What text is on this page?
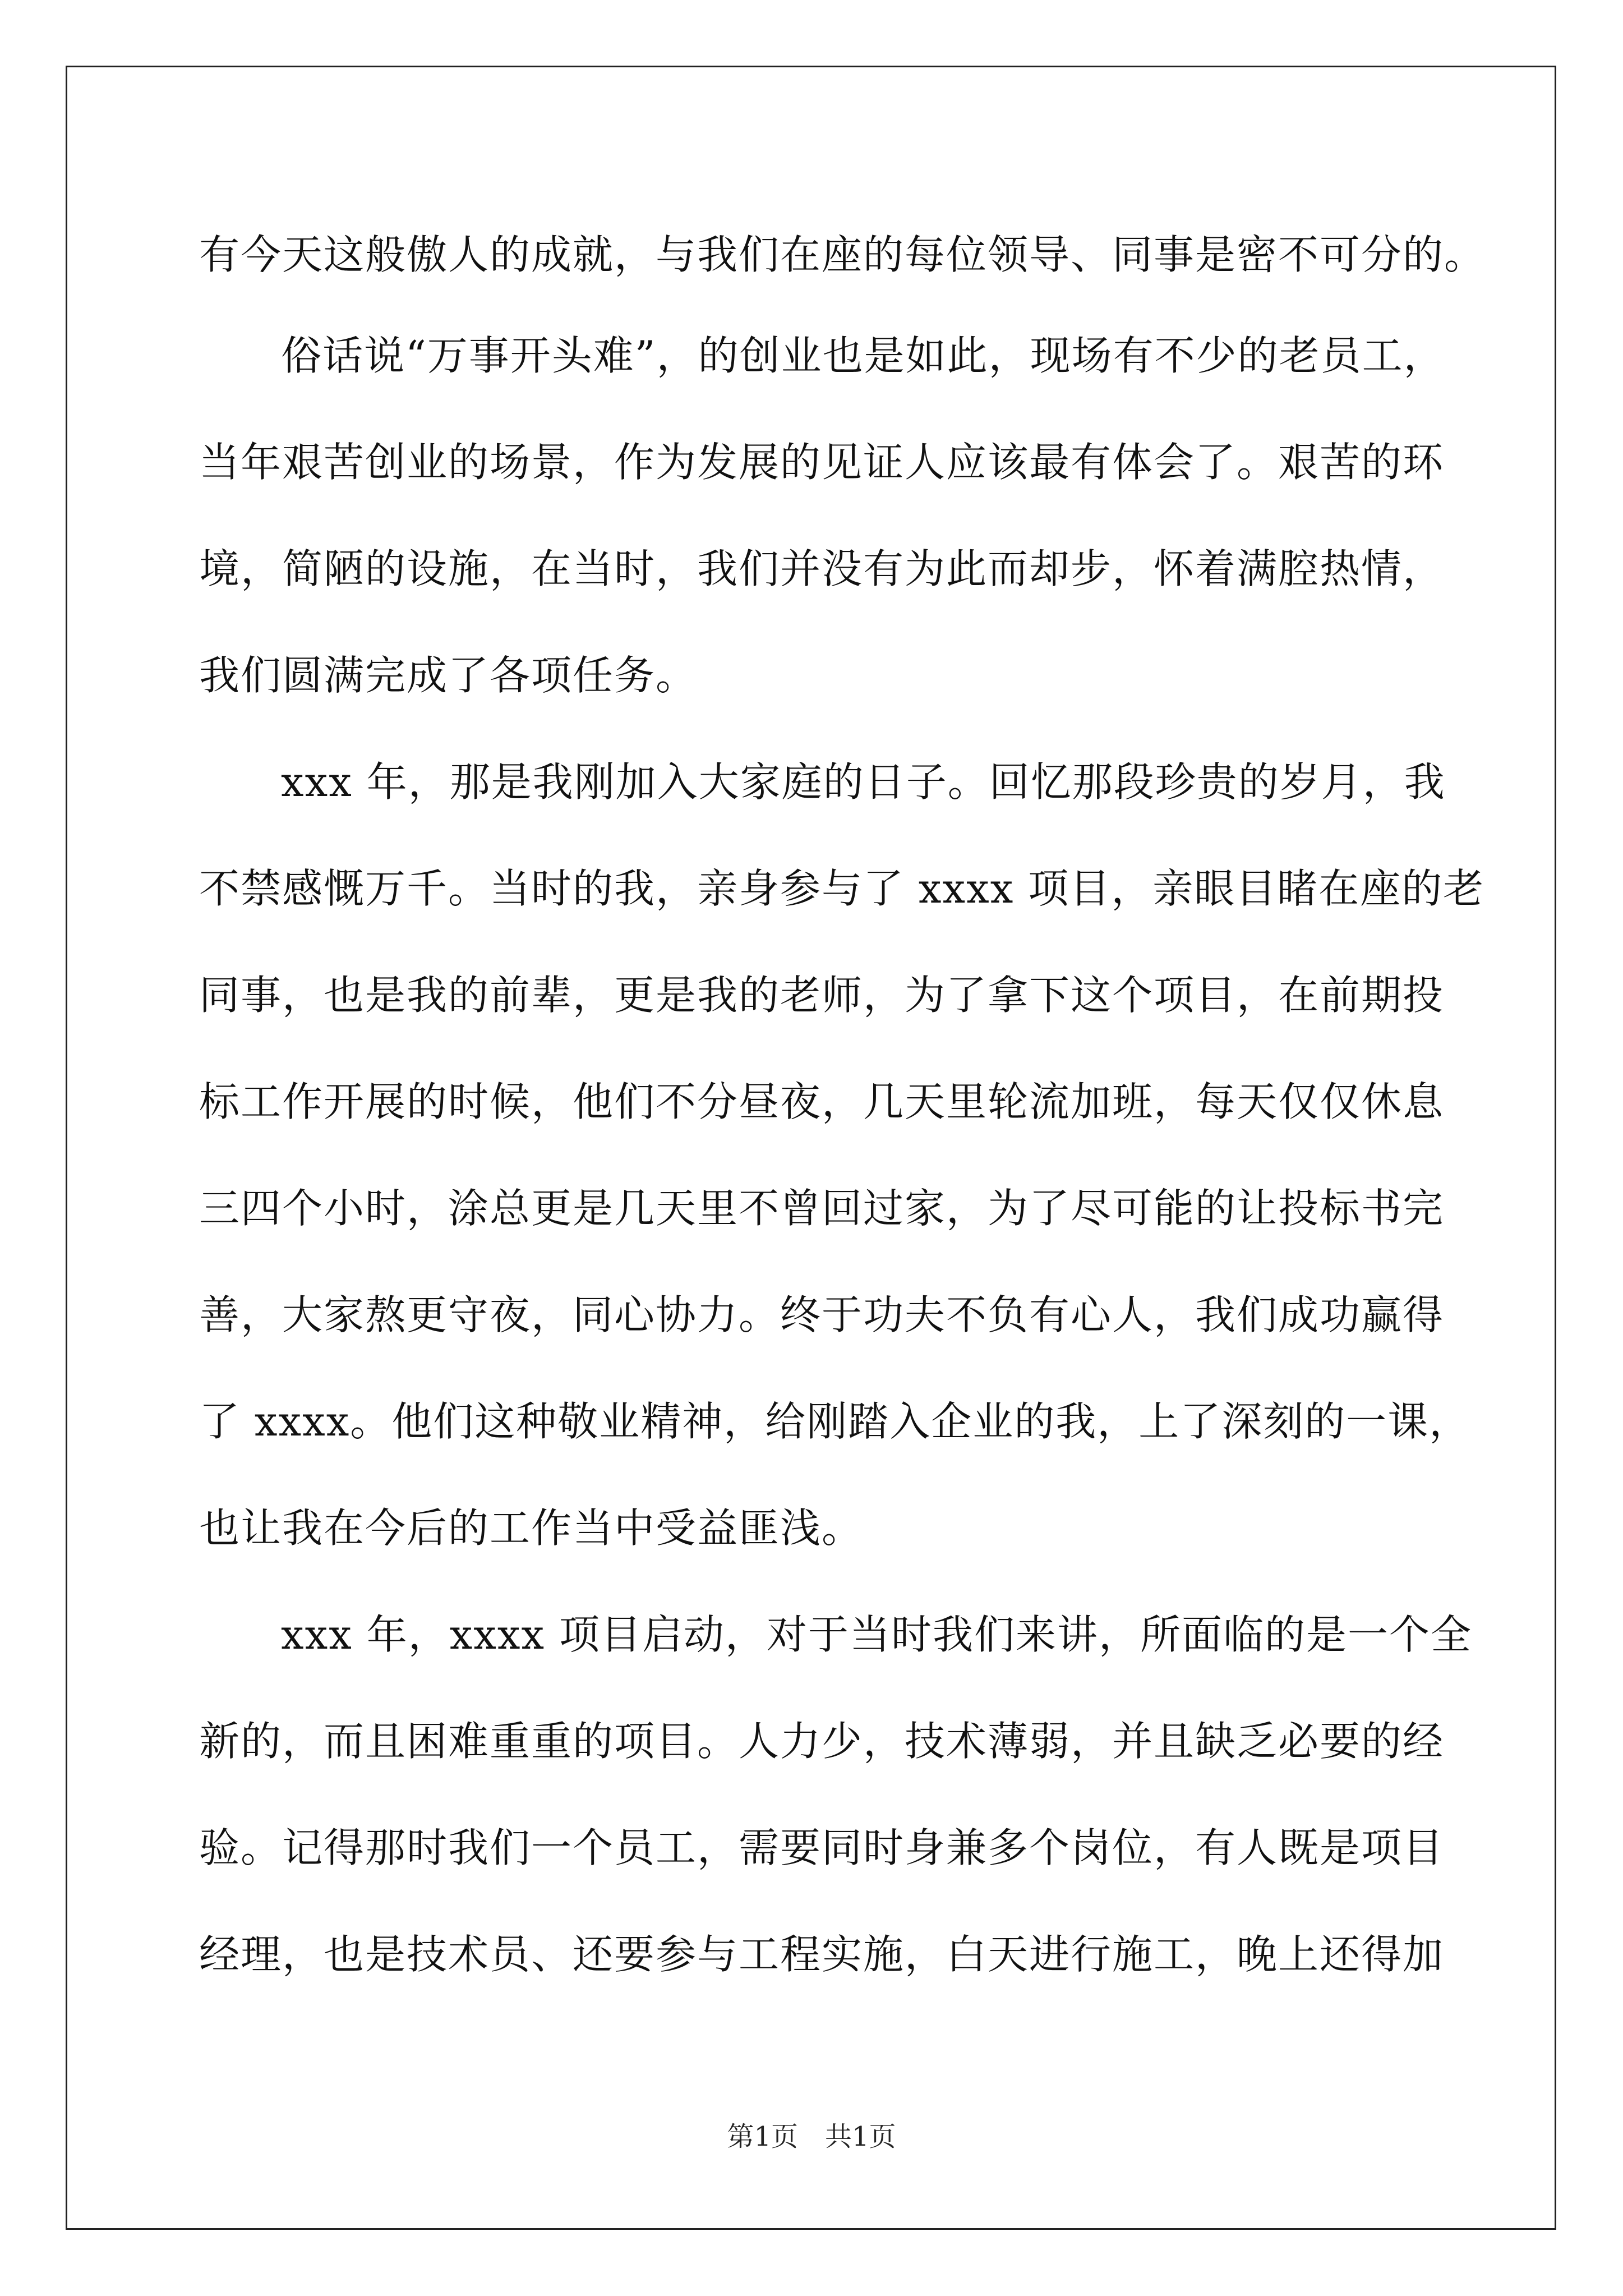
有今天这般傲人的成就，与我们在座的每位领导、同事是密不可分的。
俗话说“万事开头难”，的创业也是如此，现场有不少的老员工，
当年艰苦创业的场景，作为发展的见证人应该最有体会了。艰苦的环
境，简陋的设施，在当时，我们并没有为此而却步，怀着满腔热情，
我们圆满完成了各项任务。
xxx 年，那是我刚加入大家庭的日子。回忆那段珍贵的岁月，我
不禁感慨万千。当时的我，亲身参与了 xxxx 项目，亲眼目睹在座的老
同事，也是我的前辈，更是我的老师，为了拿下这个项目，在前期投
标工作开展的时候，他们不分昼夜，几天里轮流加班，每天仅仅休息
三四个小时，涂总更是几天里不曾回过家，为了尽可能的让投标书完
善，大家熬更守夜，同心协力。终于功夫不负有心人，我们成功赢得
了 xxxx。他们这种敬业精神，给刚踏入企业的我，上了深刻的一课，
也让我在今后的工作当中受益匪浅。
xxx 年，xxxx 项目启动，对于当时我们来讲，所面临的是一个全
新的，而且困难重重的项目。人力少，技术薄弱，并且缺乏必要的经
验。记得那时我们一个员工，需要同时身兼多个岗位，有人既是项目
经理，也是技术员、还要参与工程实施，白天进行施工，晚上还得加
第1页　共1页
